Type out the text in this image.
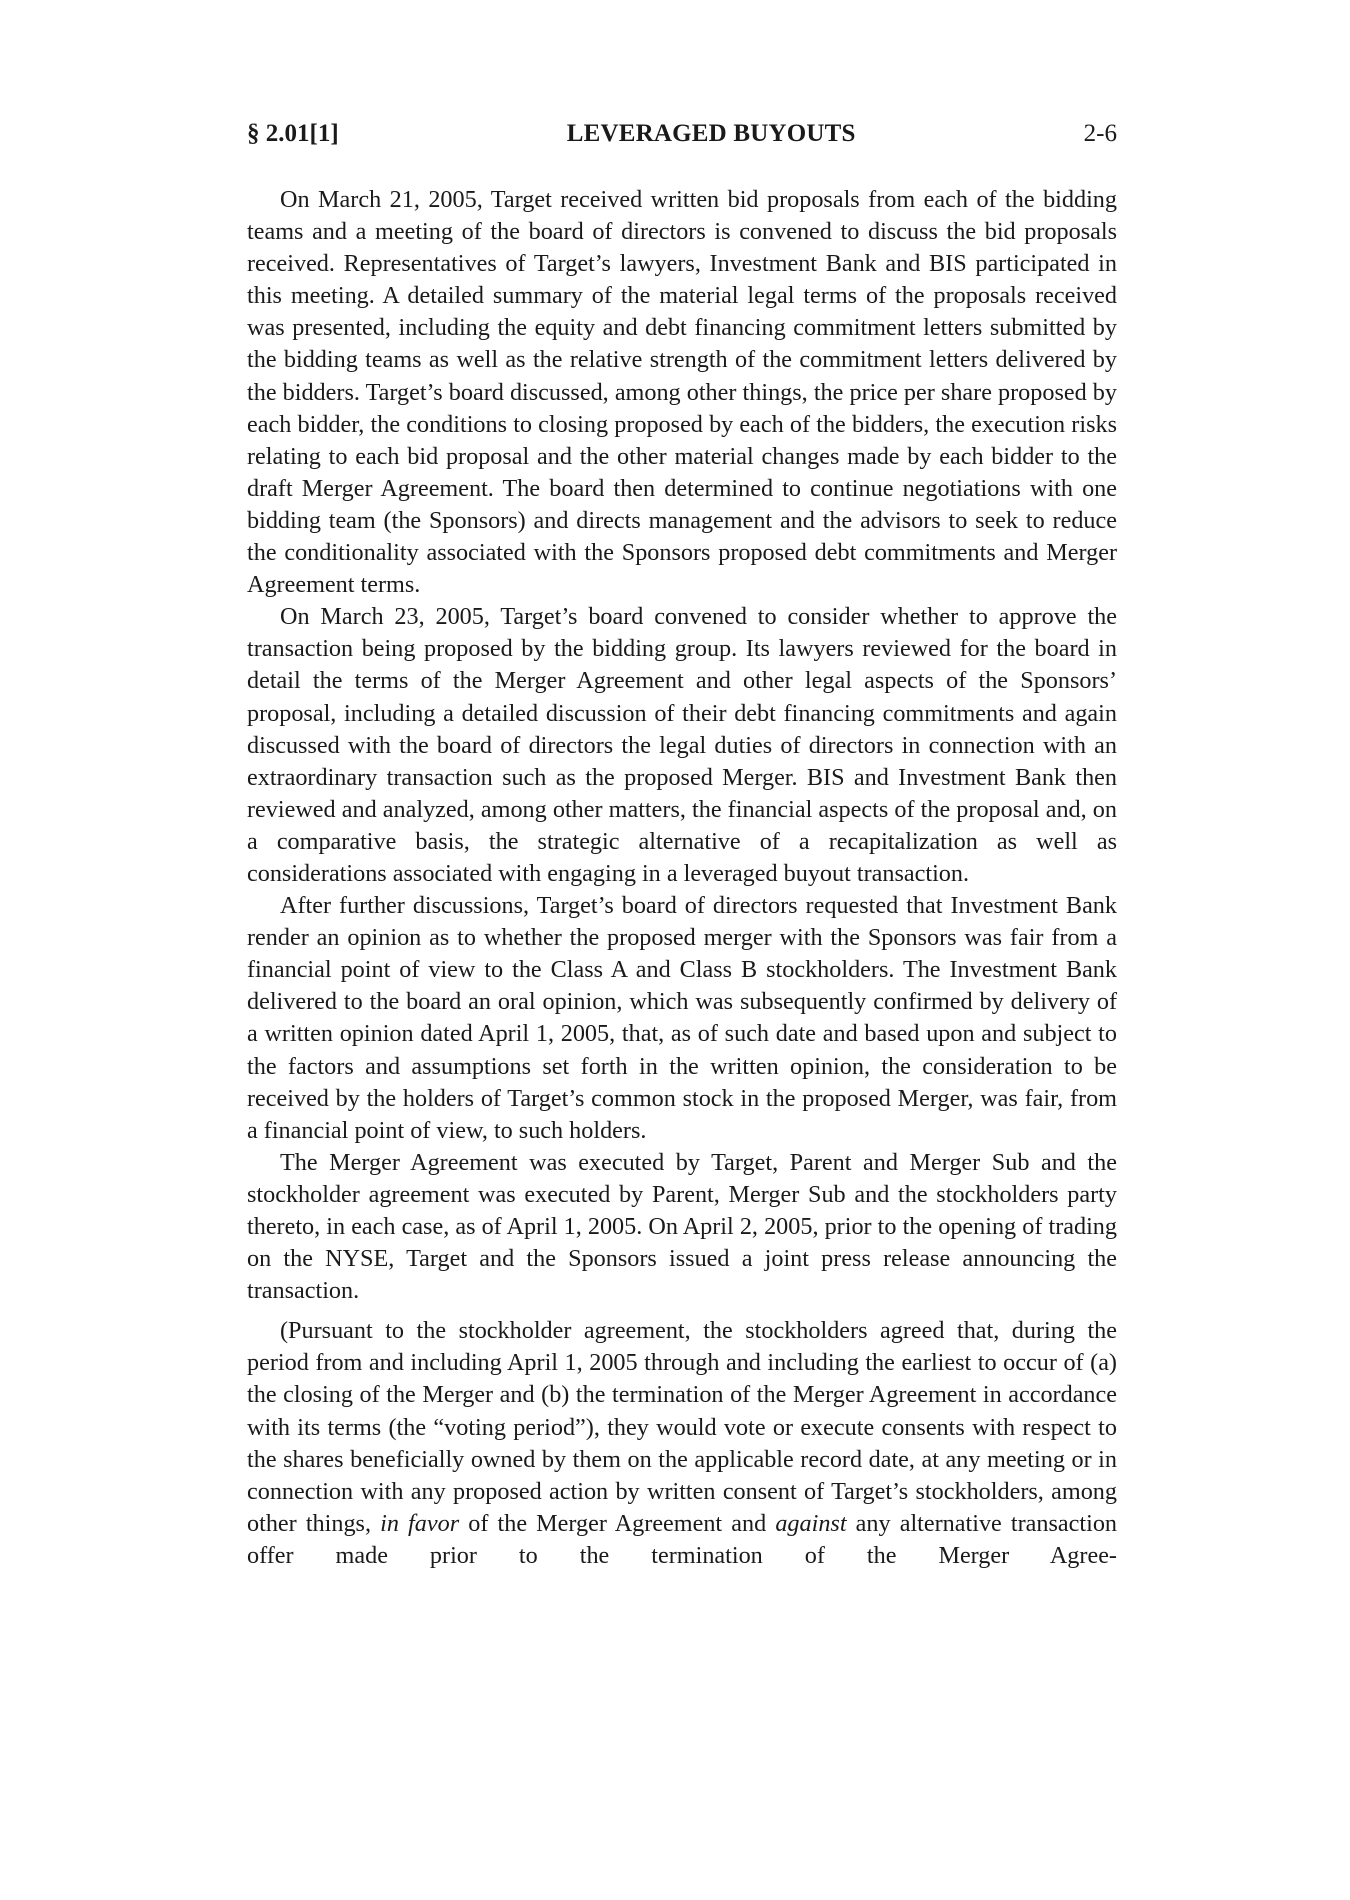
§ 2.01[1]	LEVERAGED BUYOUTS	2-6

On March 21, 2005, Target received written bid proposals from each of the bidding teams and a meeting of the board of directors is convened to discuss the bid proposals received. Representatives of Target’s lawyers, Investment Bank and BIS participated in this meeting. A detailed summary of the material legal terms of the proposals received was presented, including the equity and debt financing commitment letters submitted by the bidding teams as well as the relative strength of the commitment letters delivered by the bidders. Target’s board discussed, among other things, the price per share proposed by each bidder, the conditions to closing proposed by each of the bidders, the execution risks relating to each bid proposal and the other material changes made by each bidder to the draft Merger Agreement. The board then determined to continue negotiations with one bidding team (the Sponsors) and directs management and the advisors to seek to reduce the conditionality associated with the Sponsors proposed debt commitments and Merger Agreement terms.

On March 23, 2005, Target’s board convened to consider whether to approve the transaction being proposed by the bidding group. Its lawyers reviewed for the board in detail the terms of the Merger Agreement and other legal aspects of the Sponsors’ proposal, including a detailed discussion of their debt financing commitments and again discussed with the board of directors the legal duties of directors in connection with an extraordinary transaction such as the proposed Merger. BIS and Investment Bank then reviewed and analyzed, among other matters, the financial aspects of the proposal and, on a comparative basis, the strategic alternative of a recapitalization as well as considerations associated with engaging in a leveraged buyout transaction.

After further discussions, Target’s board of directors requested that Investment Bank render an opinion as to whether the proposed merger with the Sponsors was fair from a financial point of view to the Class A and Class B stockholders. The Investment Bank delivered to the board an oral opinion, which was subsequently confirmed by delivery of a written opinion dated April 1, 2005, that, as of such date and based upon and subject to the factors and assumptions set forth in the written opinion, the consideration to be received by the holders of Target’s common stock in the proposed Merger, was fair, from a financial point of view, to such holders.

The Merger Agreement was executed by Target, Parent and Merger Sub and the stockholder agreement was executed by Parent, Merger Sub and the stockholders party thereto, in each case, as of April 1, 2005. On April 2, 2005, prior to the opening of trading on the NYSE, Target and the Sponsors issued a joint press release announcing the transaction.

(Pursuant to the stockholder agreement, the stockholders agreed that, during the period from and including April 1, 2005 through and including the earliest to occur of (a) the closing of the Merger and (b) the termination of the Merger Agreement in accordance with its terms (the “voting period”), they would vote or execute consents with respect to the shares beneficially owned by them on the applicable record date, at any meeting or in connection with any proposed action by written consent of Target’s stockholders, among other things, in favor of the Merger Agreement and against any alternative transaction offer made prior to the termination of the Merger Agree-
